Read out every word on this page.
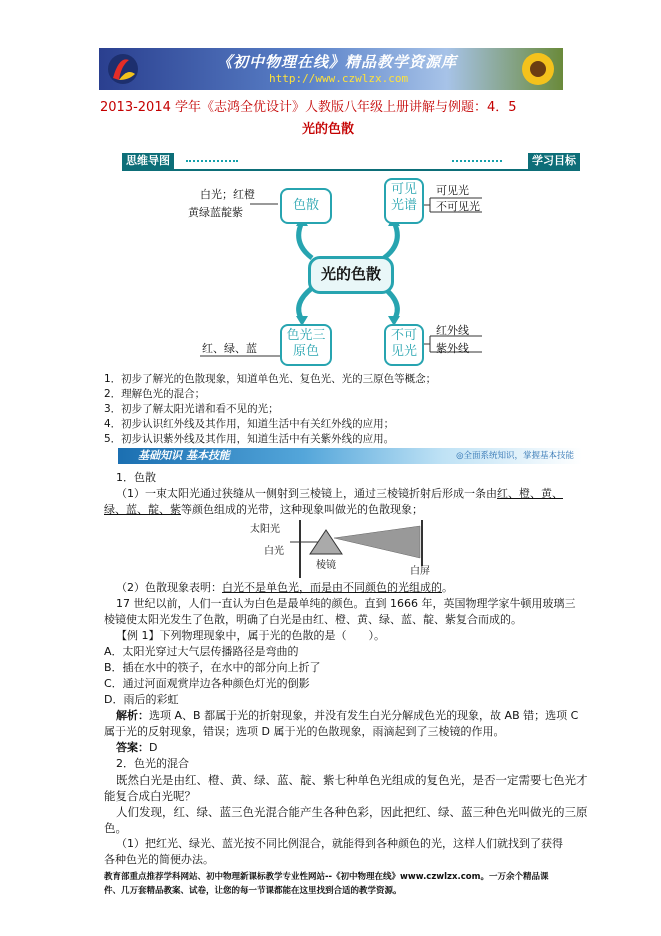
《初中物理在线》精品教学资源库
http://www.czwlzx.com
2013-2014 学年《志鸿全优设计》人教版八年级上册讲解与例题：4．5
光的色散
思维导图	学习目标
白光；红橙
黄绿蓝靛紫	色散
可见光谱
可见光
不可见光
光的色散
红、绿、蓝
色光三原色
不可见光
红外线
紫外线
1．初步了解光的色散现象，知道单色光、复色光、光的三原色等概念；
2．理解色光的混合；
3．初步了解太阳光谱和看不见的光；
4．初步认识红外线及其作用，知道生活中有关红外线的应用；
5．初步认识紫外线及其作用，知道生活中有关紫外线的应用。
基础知识 基本技能	◎全面系统知识，掌握基本技能
1．色散
（1）一束太阳光通过狭缝从一侧射到三棱镜上，通过三棱镜折射后形成一条由红、橙、黄、
绿、蓝、靛、紫等颜色组成的光带，这种现象叫做光的色散现象；
太阳光
白光
棱镜
白屏
（2）色散现象表明：白光不是单色光，而是由不同颜色的光组成的。
17 世纪以前，人们一直认为白色是最单纯的颜色。直到 1666 年，英国物理学家牛顿用玻璃三
棱镜使太阳光发生了色散，明确了白光是由红、橙、黄、绿、蓝、靛、紫复合而成的。
【例 1】下列物理现象中，属于光的色散的是（　　）。
A．太阳光穿过大气层传播路径是弯曲的
B．插在水中的筷子，在水中的部分向上折了
C．通过河面观赏岸边各种颜色灯光的倒影
D．雨后的彩虹
解析：选项 A、B 都属于光的折射现象，并没有发生白光分解成色光的现象，故 AB 错；选项 C
属于光的反射现象，错误；选项 D 属于光的色散现象，雨滴起到了三棱镜的作用。
答案：D
2．色光的混合
既然白光是由红、橙、黄、绿、蓝、靛、紫七种单色光组成的复色光，是否一定需要七色光才
能复合成白光呢？
人们发现，红、绿、蓝三色光混合能产生各种色彩，因此把红、绿、蓝三种色光叫做光的三原
色。
（1）把红光、绿光、蓝光按不同比例混合，就能得到各种颜色的光，这样人们就找到了获得
各种色光的简便办法。
教育部重点推荐学科网站、初中物理新课标教学专业性网站--《初中物理在线》www.czwlzx.com。一万余个精品课
件、几万套精品教案、试卷，让您的每一节课都能在这里找到合适的教学资源。
